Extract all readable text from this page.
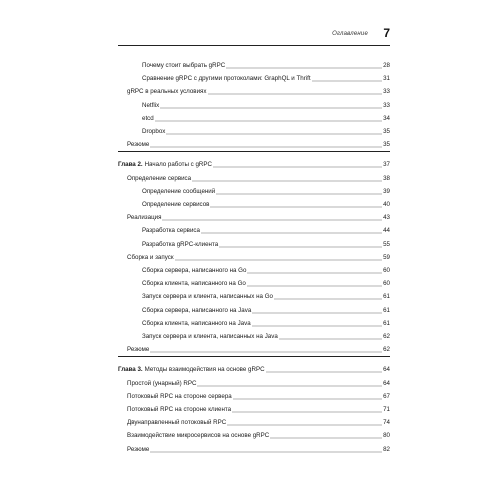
Оглавление 7
Почему стоит выбрать gRPC	28
Сравнение gRPC с другими протоколами: GraphQL и Thrift	31
gRPC в реальных условиях	33
Netflix	33
etcd	34
Dropbox	35
Резюме	35
Глава 2. Начало работы с gRPC	37
Определение сервиса	38
Определение сообщений	39
Определение сервисов	40
Реализация	43
Разработка сервиса	44
Разработка gRPC-клиента	55
Сборка и запуск	59
Сборка сервера, написанного на Go	60
Сборка клиента, написанного на Go	60
Запуск сервера и клиента, написанных на Go	61
Сборка сервера, написанного на Java	61
Сборка клиента, написанного на Java	61
Запуск сервера и клиента, написанных на Java	62
Резюме	62
Глава 3. Методы взаимодействия на основе gRPC	64
Простой (унарный) RPC	64
Потоковый RPC на стороне сервера	67
Потоковый RPC на стороне клиента	71
Двунаправленный потоковый RPC	74
Взаимодействие микросервисов на основе gRPC	80
Резюме	82
